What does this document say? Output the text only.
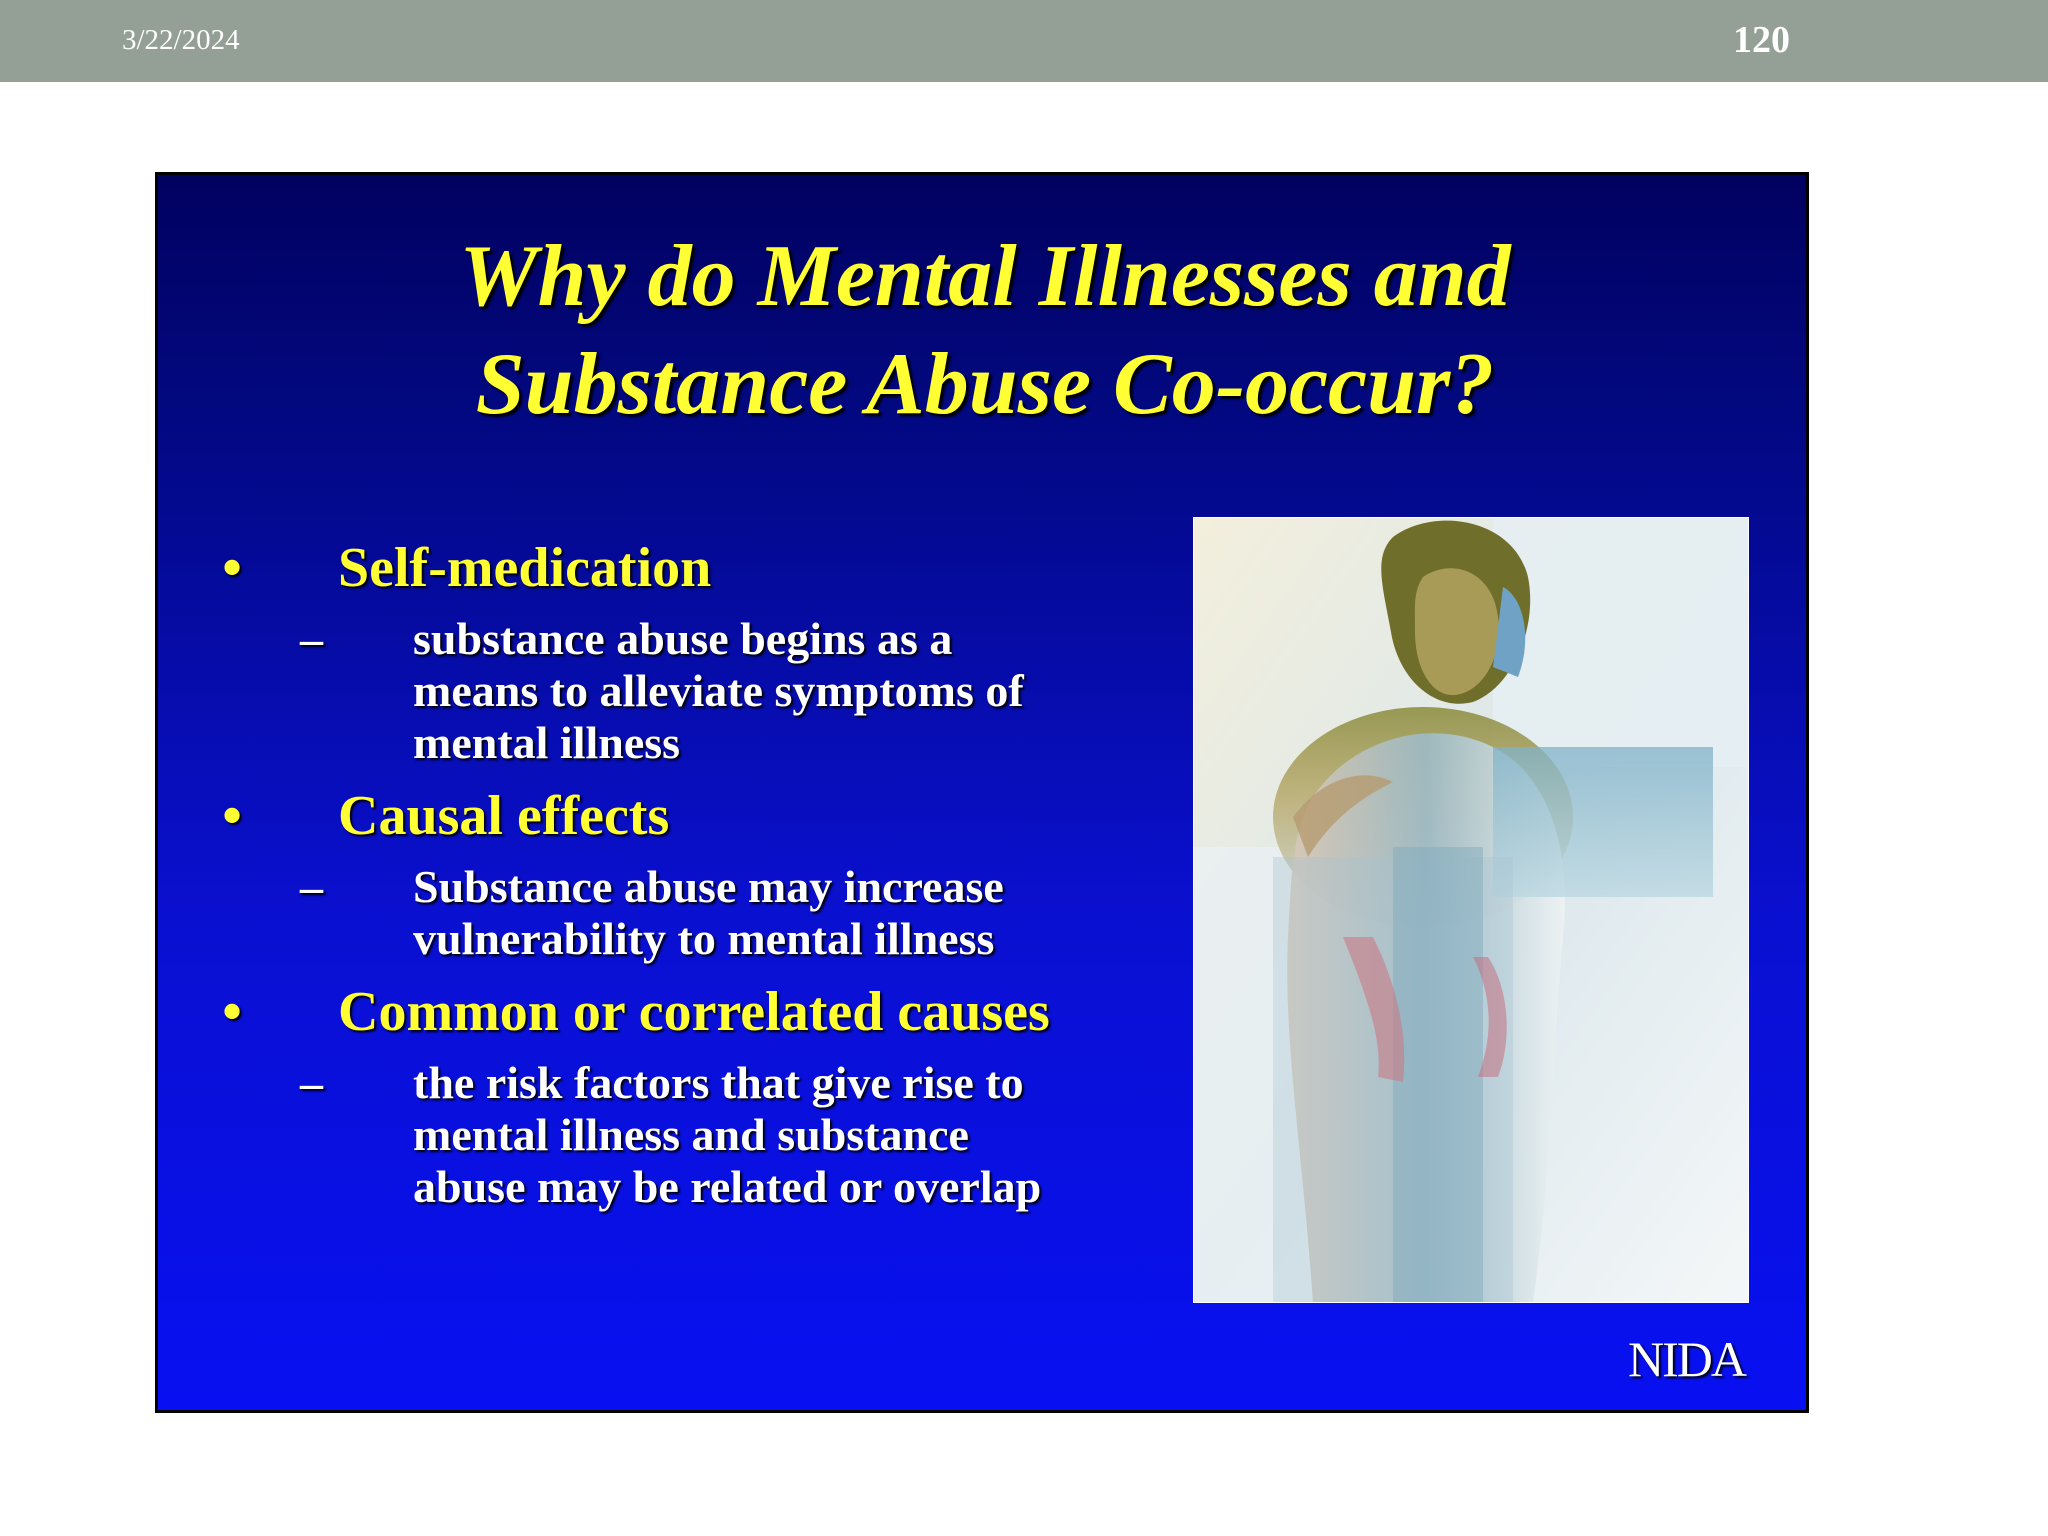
3/22/2024	120
Why do Mental Illnesses and
Substance Abuse Co-occur?
• Self-medication
– substance abuse begins as a
means to alleviate symptoms of
mental illness
• Causal effects
– Substance abuse may increase
vulnerability to mental illness
• Common or correlated causes
– the risk factors that give rise to
mental illness and substance
abuse may be related or overlap
NIDA
